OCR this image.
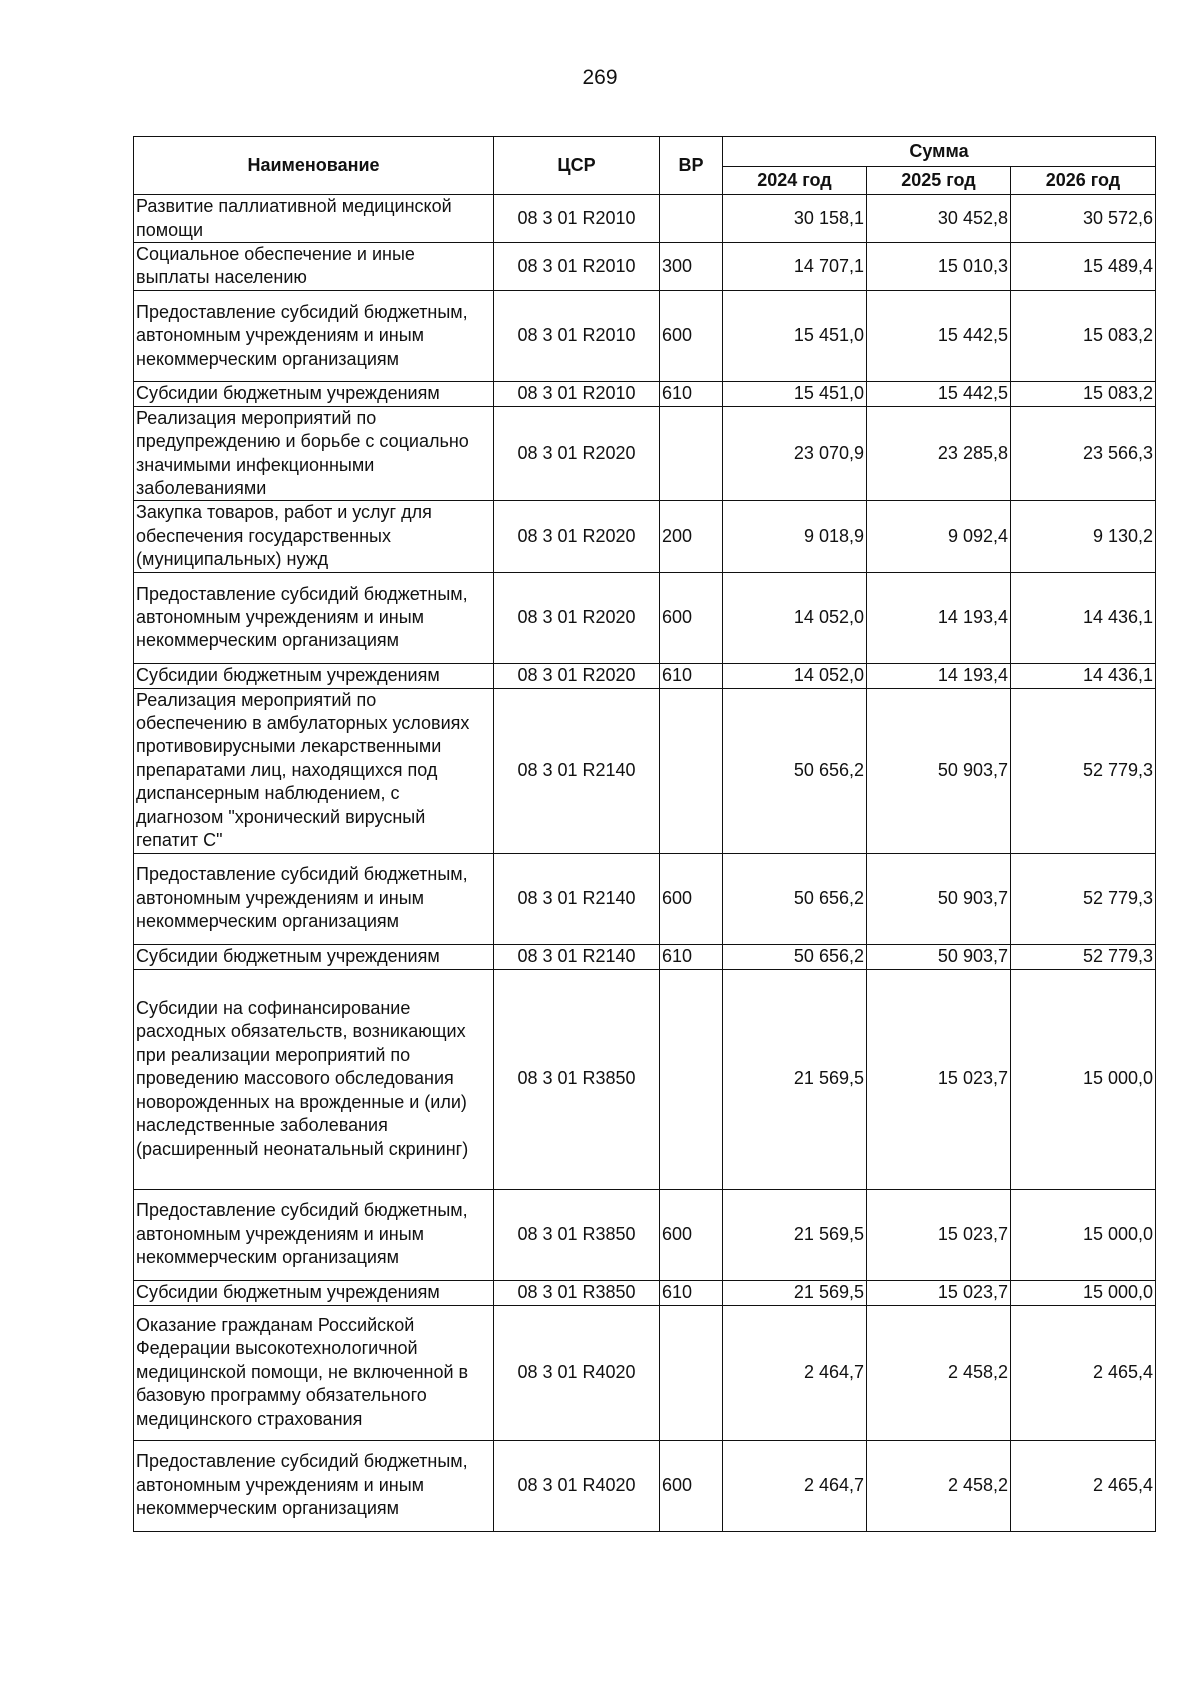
269
Наименование	ЦСР	ВР	Сумма		
			2024 год	2025 год	2026 год
Развитие паллиативной медицинской помощи	08 3 01 R2010		30 158,1	30 452,8	30 572,6
Социальное обеспечение и иные выплаты населению	08 3 01 R2010	300	14 707,1	15 010,3	15 489,4
Предоставление субсидий бюджетным, автономным учреждениям и иным некоммерческим организациям	08 3 01 R2010	600	15 451,0	15 442,5	15 083,2
Субсидии бюджетным учреждениям	08 3 01 R2010	610	15 451,0	15 442,5	15 083,2
Реализация мероприятий по предупреждению и борьбе с социально значимыми инфекционными заболеваниями	08 3 01 R2020		23 070,9	23 285,8	23 566,3
Закупка товаров, работ и услуг для обеспечения государственных (муниципальных) нужд	08 3 01 R2020	200	9 018,9	9 092,4	9 130,2
Предоставление субсидий бюджетным, автономным учреждениям и иным некоммерческим организациям	08 3 01 R2020	600	14 052,0	14 193,4	14 436,1
Субсидии бюджетным учреждениям	08 3 01 R2020	610	14 052,0	14 193,4	14 436,1
Реализация мероприятий по обеспечению в амбулаторных условиях противовирусными лекарственными препаратами лиц, находящихся под диспансерным наблюдением, с диагнозом "хронический вирусный гепатит С"	08 3 01 R2140		50 656,2	50 903,7	52 779,3
Предоставление субсидий бюджетным, автономным учреждениям и иным некоммерческим организациям	08 3 01 R2140	600	50 656,2	50 903,7	52 779,3
Субсидии бюджетным учреждениям	08 3 01 R2140	610	50 656,2	50 903,7	52 779,3
Субсидии на софинансирование расходных обязательств, возникающих при реализации мероприятий по проведению массового обследования новорожденных на врожденные и (или) наследственные заболевания (расширенный неонатальный скрининг)	08 3 01 R3850		21 569,5	15 023,7	15 000,0
Предоставление субсидий бюджетным, автономным учреждениям и иным некоммерческим организациям	08 3 01 R3850	600	21 569,5	15 023,7	15 000,0
Субсидии бюджетным учреждениям	08 3 01 R3850	610	21 569,5	15 023,7	15 000,0
Оказание гражданам Российской Федерации высокотехнологичной медицинской помощи, не включенной в базовую программу обязательного медицинского страхования	08 3 01 R4020		2 464,7	2 458,2	2 465,4
Предоставление субсидий бюджетным, автономным учреждениям и иным некоммерческим организациям	08 3 01 R4020	600	2 464,7	2 458,2	2 465,4
